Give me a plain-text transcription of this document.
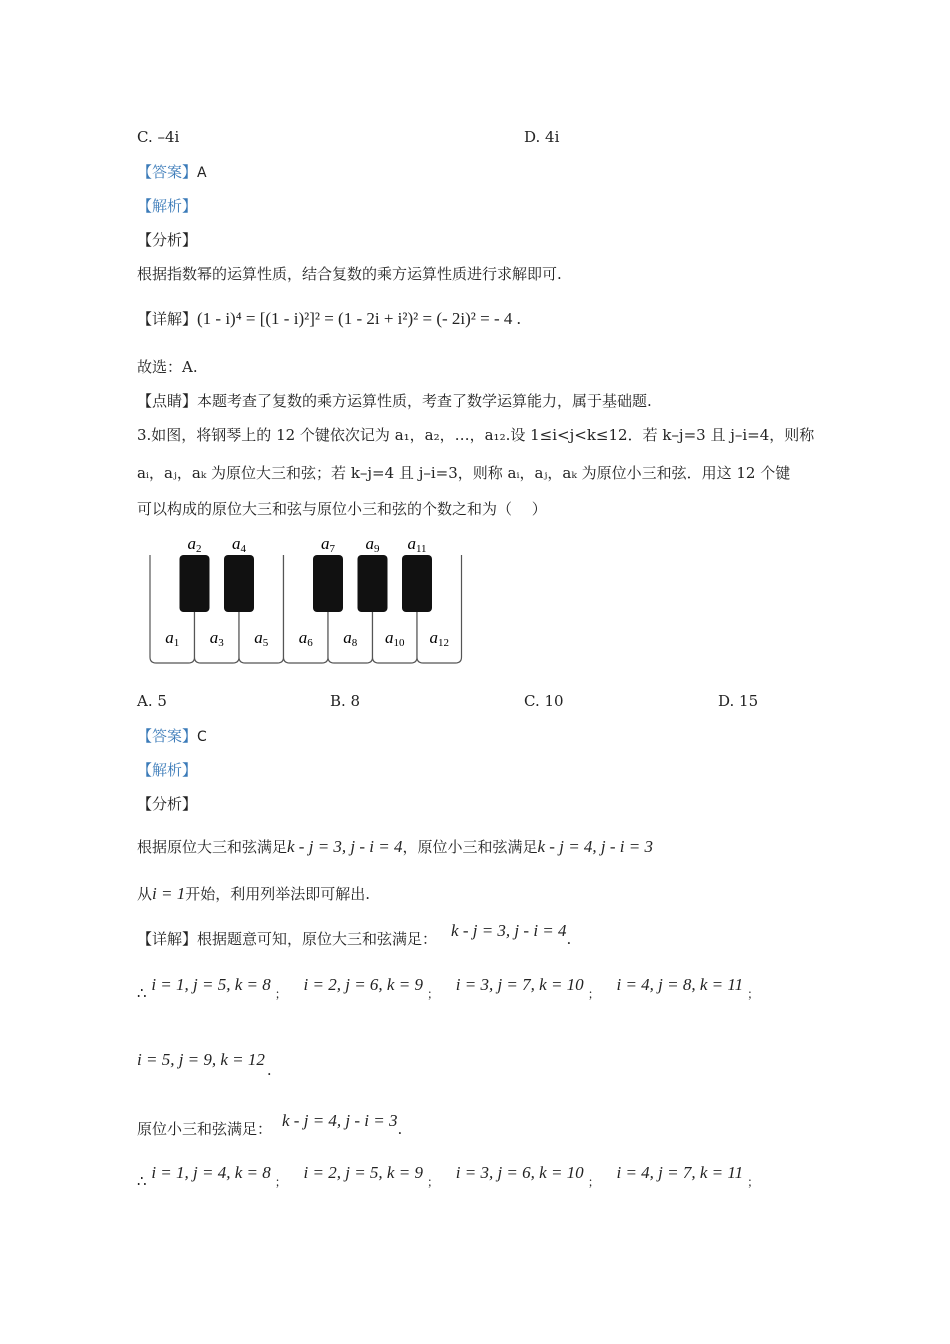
C. –4i	D. 4i
【答案】A
【解析】
【分析】
根据指数幂的运算性质，结合复数的乘方运算性质进行求解即可.
【详解】(1 - i)⁴ = [(1 - i)²]² = (1 - 2i + i²)² = (- 2i)² = - 4 .
故选：A.
【点睛】本题考查了复数的乘方运算性质，考查了数学运算能力，属于基础题.
3.如图，将钢琴上的 12 个键依次记为 a₁，a₂，…，a₁₂.设 1≤i<j<k≤12．若 k–j=3 且 j–i=4，则称
aᵢ，aⱼ，aₖ 为原位大三和弦；若 k–j=4 且 j–i=3，则称 aᵢ，aⱼ，aₖ 为原位小三和弦．用这 12 个键
可以构成的原位大三和弦与原位小三和弦的个数之和为（　 ）
a1 a3 a5 a6 a8 a10 a12
a2 a4	a7 a9 a11
A. 5	B. 8	C. 10	D. 15
【答案】C
【解析】
【分析】
根据原位大三和弦满足k - j = 3, j - i = 4，原位小三和弦满足k - j = 4, j - i = 3
从i = 1开始，利用列举法即可解出.
【详解】根据题意可知，原位大三和弦满足： k - j = 3, j - i = 4.
∴ i = 1, j = 5, k = 8 $_;$ i = 2, j = 6, k = 9 $_;$ i = 3, j = 7, k = 10 $_;$ i = 4, j = 8, k = 11 $_;$
i = 5, j = 9, k = 12.
原位小三和弦满足： k - j = 4, j - i = 3.
∴ i = 1, j = 4, k = 8 $_;$ i = 2, j = 5, k = 9 $_;$ i = 3, j = 6, k = 10 $_;$ i = 4, j = 7, k = 11 $_;$
